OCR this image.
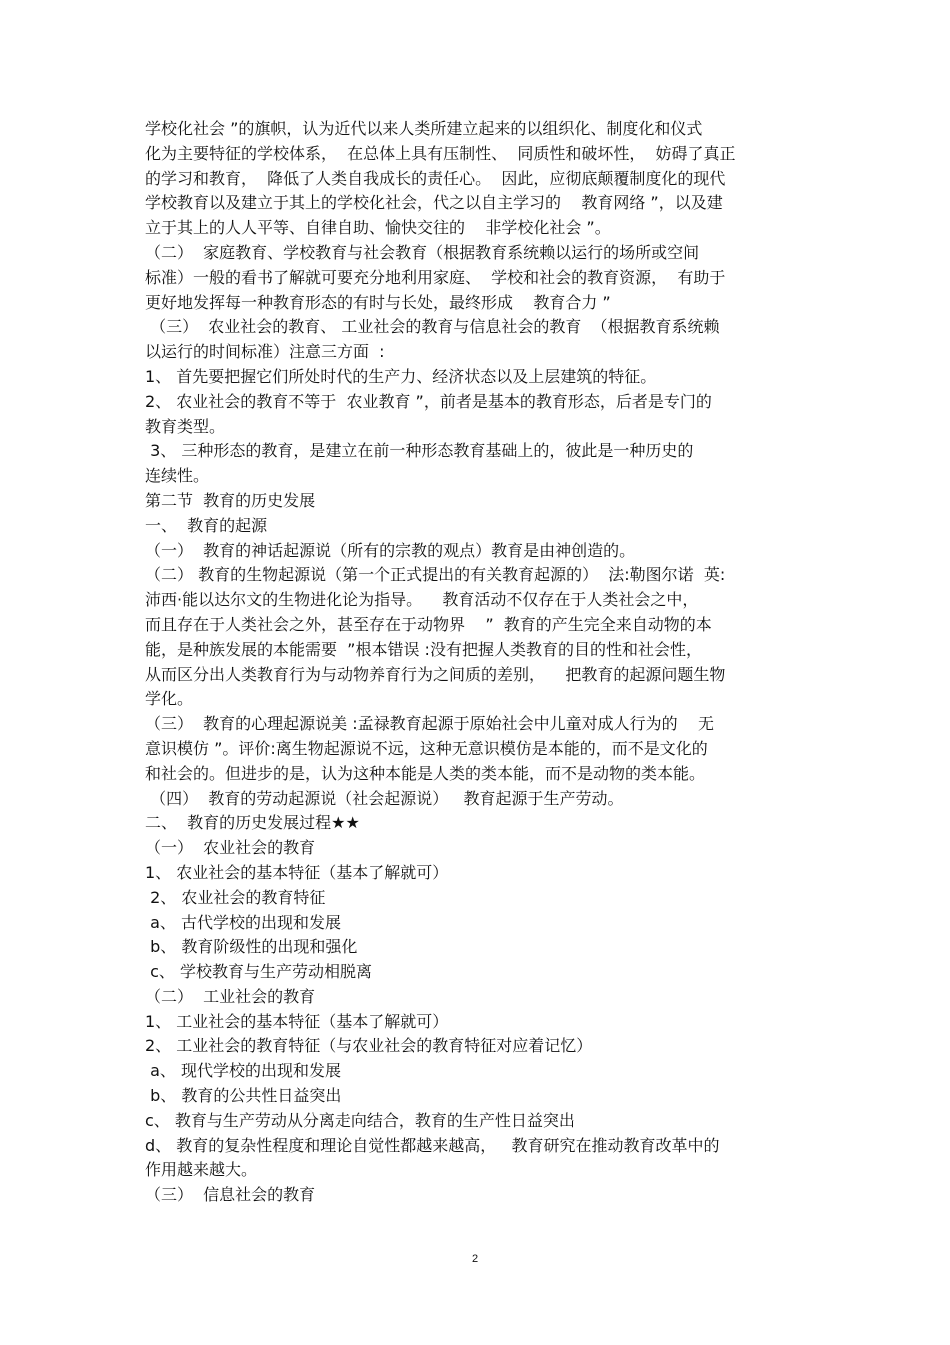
学校化社会 ”的旗帜，认为近代以来人类所建立起来的以组织化、制度化和仪式
化为主要特征的学校体系，  在总体上具有压制性、  同质性和破坏性，  妨碍了真正
的学习和教育，  降低了人类自我成长的责任心。  因此，应彻底颠覆制度化的现代
学校教育以及建立于其上的学校化社会，代之以自主学习的    教育网络 ”，以及建
立于其上的人人平等、自律自助、愉快交往的    非学校化社会 ”。
（二）  家庭教育、学校教育与社会教育（根据教育系统赖以运行的场所或空间
标准）一般的看书了解就可要充分地利用家庭、  学校和社会的教育资源，  有助于
更好地发挥每一种教育形态的有时与长处，最终形成    教育合力 ”
（三）  农业社会的教育、 工业社会的教育与信息社会的教育  （根据教育系统赖
以运行的时间标准）注意三方面  :
1、 首先要把握它们所处时代的生产力、经济状态以及上层建筑的特征。
2、 农业社会的教育不等于  农业教育 ”，前者是基本的教育形态，后者是专门的
教育类型。
3、 三种形态的教育，是建立在前一种形态教育基础上的，彼此是一种历史的
连续性。
第二节  教育的历史发展
一、  教育的起源
（一）  教育的神话起源说（所有的宗教的观点）教育是由神创造的。
（二） 教育的生物起源说（第一个正式提出的有关教育起源的）  法:勒图尔诺  英:
沛西·能以达尔文的生物进化论为指导。    教育活动不仅存在于人类社会之中，
而且存在于人类社会之外，甚至存在于动物界    ”  教育的产生完全来自动物的本
能，是种族发展的本能需要  ”根本错误 :没有把握人类教育的目的性和社会性，
从而区分出人类教育行为与动物养育行为之间质的差别，    把教育的起源问题生物
学化。
（三）  教育的心理起源说美 :孟禄教育起源于原始社会中儿童对成人行为的    无
意识模仿 ”。评价:离生物起源说不远，这种无意识模仿是本能的，而不是文化的
和社会的。但进步的是，认为这种本能是人类的类本能，而不是动物的类本能。
（四）  教育的劳动起源说（社会起源说）   教育起源于生产劳动。
二、  教育的历史发展过程★★
（一）  农业社会的教育
1、 农业社会的基本特征（基本了解就可）
2、 农业社会的教育特征
a、 古代学校的出现和发展
b、 教育阶级性的出现和强化
c、 学校教育与生产劳动相脱离
（二）  工业社会的教育
1、 工业社会的基本特征（基本了解就可）
2、 工业社会的教育特征（与农业社会的教育特征对应着记忆）
a、 现代学校的出现和发展
b、 教育的公共性日益突出
c、 教育与生产劳动从分离走向结合，教育的生产性日益突出
d、 教育的复杂性程度和理论自觉性都越来越高，   教育研究在推动教育改革中的
作用越来越大。
（三）  信息社会的教育
2
